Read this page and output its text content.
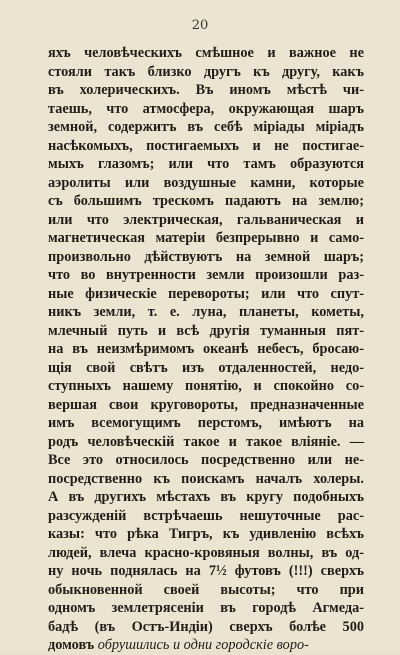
20
яхъ человѣческихъ смѣшное и важное не
стояли такъ близко другъ къ другу, какъ
въ холерическихъ. Въ иномъ мѣстѣ чи-
таешь, что атмосфера, окружающая шаръ
земной, содержитъ въ себѣ міріады міріадъ
насѣкомыхъ, постигаемыхъ и не постигае-
мыхъ глазомъ; или что тамъ образуются
аэролиты или воздушные камни, которые
съ большимъ трескомъ падаютъ на землю;
или что электрическая, гальваническая и
магнетическая матеріи безпрерывно и само-
произвольно дѣйствуютъ на земной шаръ;
что во внутренности земли произошли раз-
ные физическіе перевороты; или что спут-
никъ земли, т. е. луна, планеты, кометы,
млечный путь и всѣ другія туманныя пят-
на въ неизмѣримомъ океанѣ небесъ, бросаю-
щія свой свѣтъ изъ отдаленностей, недо-
ступныхъ нашему понятію, и спокойно со-
вершая свои круговороты, предназначенные
имъ всемогущимъ перстомъ, имѣютъ на
родъ человѣческій такое и такое вліяніе. —
Все это относилось посредственно или не-
посредственно къ поискамъ началъ холеры.
А въ другихъ мѣстахъ въ кругу подобныхъ
разсужденій встрѣчаешь нешуточные рас-
казы: что рѣка Тигръ, къ удивленію всѣхъ
людей, влеча красно-кровяныя волны, въ од-
ну ночь поднялась на 7½ футовъ (!!!) сверхъ
обыкновенной своей высоты; что при
одномъ землетрясеніи въ городѣ Агмеда-
бадѣ (въ Остъ-Индіи) сверхъ болѣе 500
домовъ обрушились и одни городскіе воро-
